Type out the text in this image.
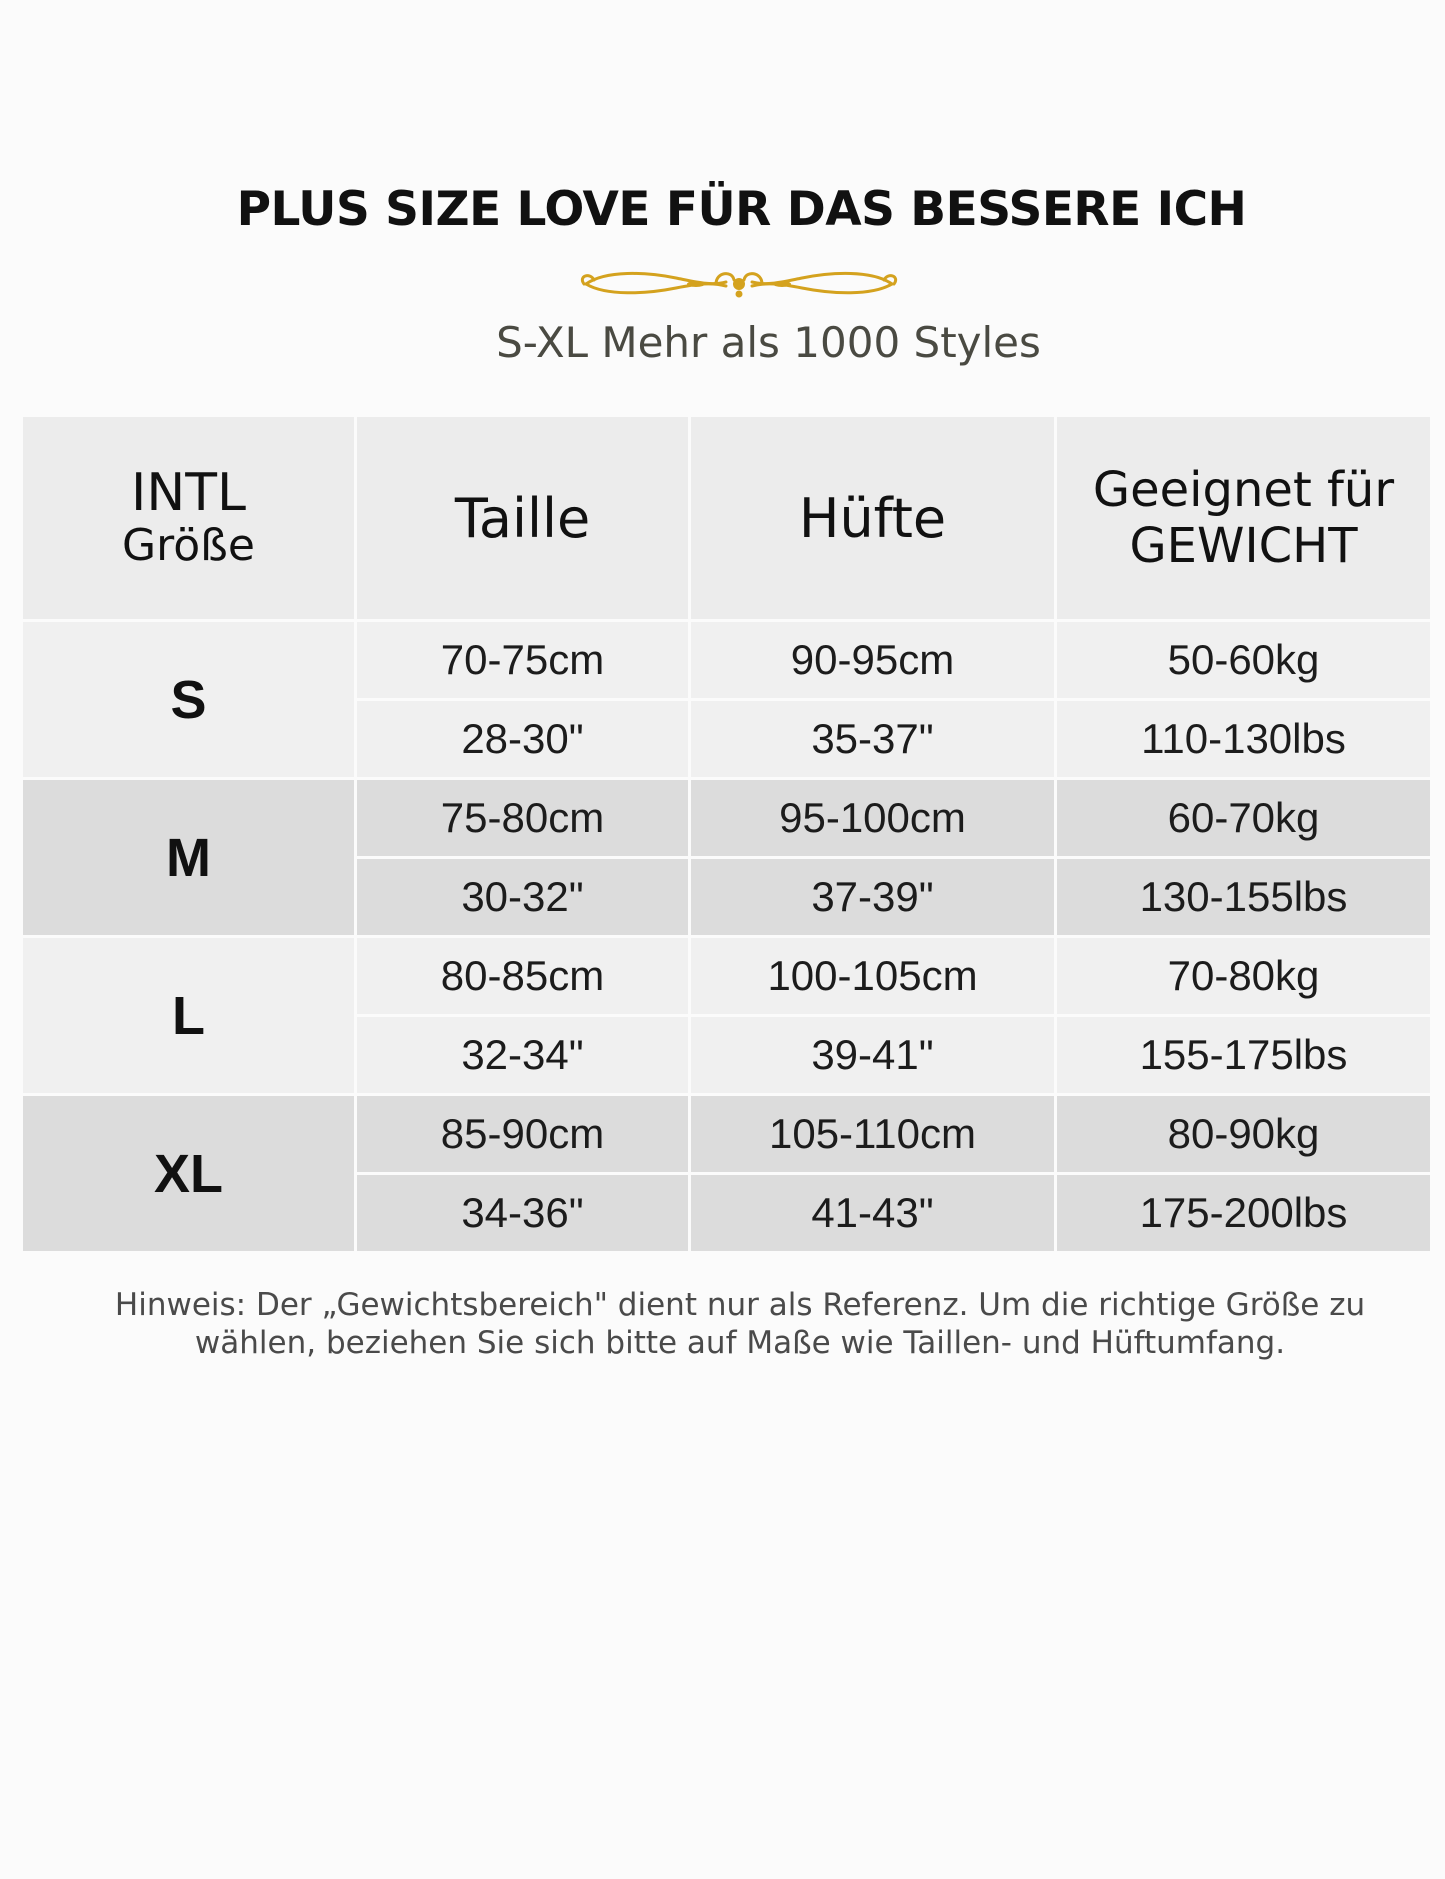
PLUS SIZE LOVE FÜR DAS BESSERE ICH
S-XL Mehr als 1000 Styles
INTL
Größe	Taille	Hüfte	Geeignet für
GEWICHT

S	70-75cm	90-95cm	50-60kg
	28-30"	35-37"	110-130lbs
M	75-80cm	95-100cm	60-70kg
	30-32"	37-39"	130-155lbs
L	80-85cm	100-105cm	70-80kg
	32-34"	39-41"	155-175lbs
XL	85-90cm	105-110cm	80-90kg
	34-36"	41-43"	175-200lbs
Hinweis: Der „Gewichtsbereich" dient nur als Referenz. Um die richtige Größe zu
wählen, beziehen Sie sich bitte auf Maße wie Taillen- und Hüftumfang.
